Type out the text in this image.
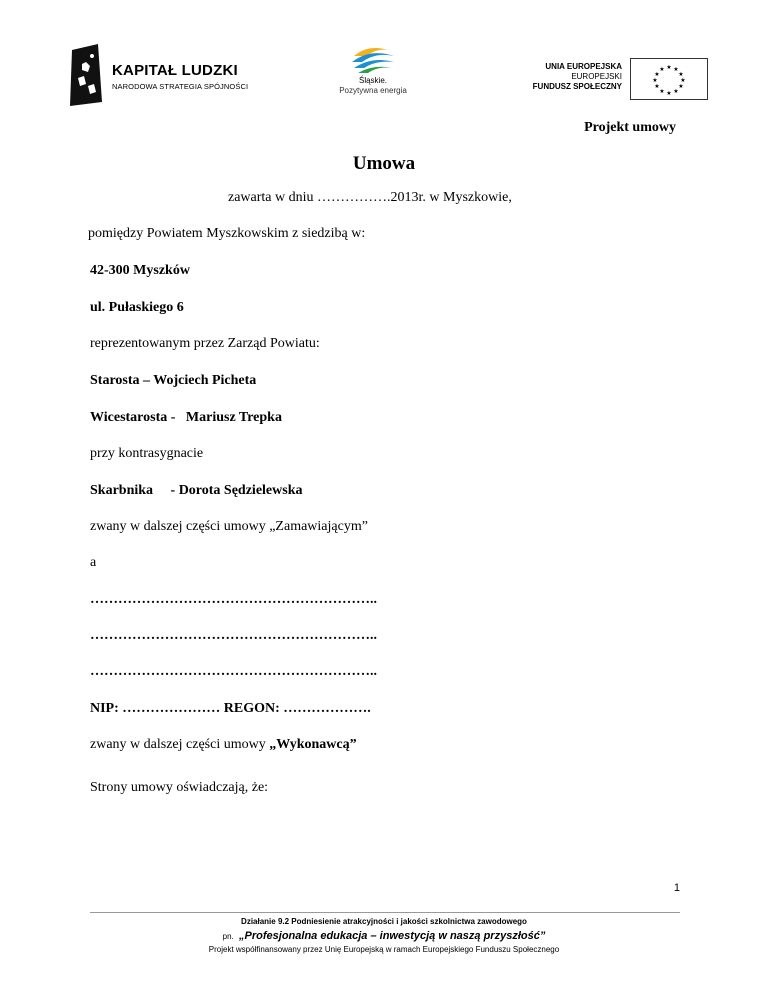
KAPITAŁ LUDZKI
NARODOWA STRATEGIA SPÓJNOŚCI
Śląskie.
Pozytywna energia
UNIA EUROPEJSKA
EUROPEJSKI
FUNDUSZ SPOŁECZNY
★ ★
★
★
★
★
★
★
★
★
★
★
Projekt umowy
Umowa
zawarta w dniu …………….2013r. w Myszkowie,
pomiędzy Powiatem Myszkowskim z siedzibą w:
42-300 Myszków
ul. Pułaskiego 6
reprezentowanym przez Zarząd Powiatu:
Starosta – Wojciech Picheta
Wicestarosta -   Mariusz Trepka
przy kontrasygnacie
Skarbnika     - Dorota Sędzielewska
zwany w dalszej części umowy „Zamawiającym”
a
……………………………………………………..
……………………………………………………..
……………………………………………………..
NIP: ………………… REGON: ……………….
zwany w dalszej części umowy „Wykonawcą”
Strony umowy oświadczają, że:
1
Działanie 9.2 Podniesienie atrakcyjności i jakości szkolnictwa zawodowego
pn.  „Profesjonalna edukacja – inwestycją w naszą przyszłość”
Projekt współfinansowany przez Unię Europejską w ramach Europejskiego Funduszu Społecznego
